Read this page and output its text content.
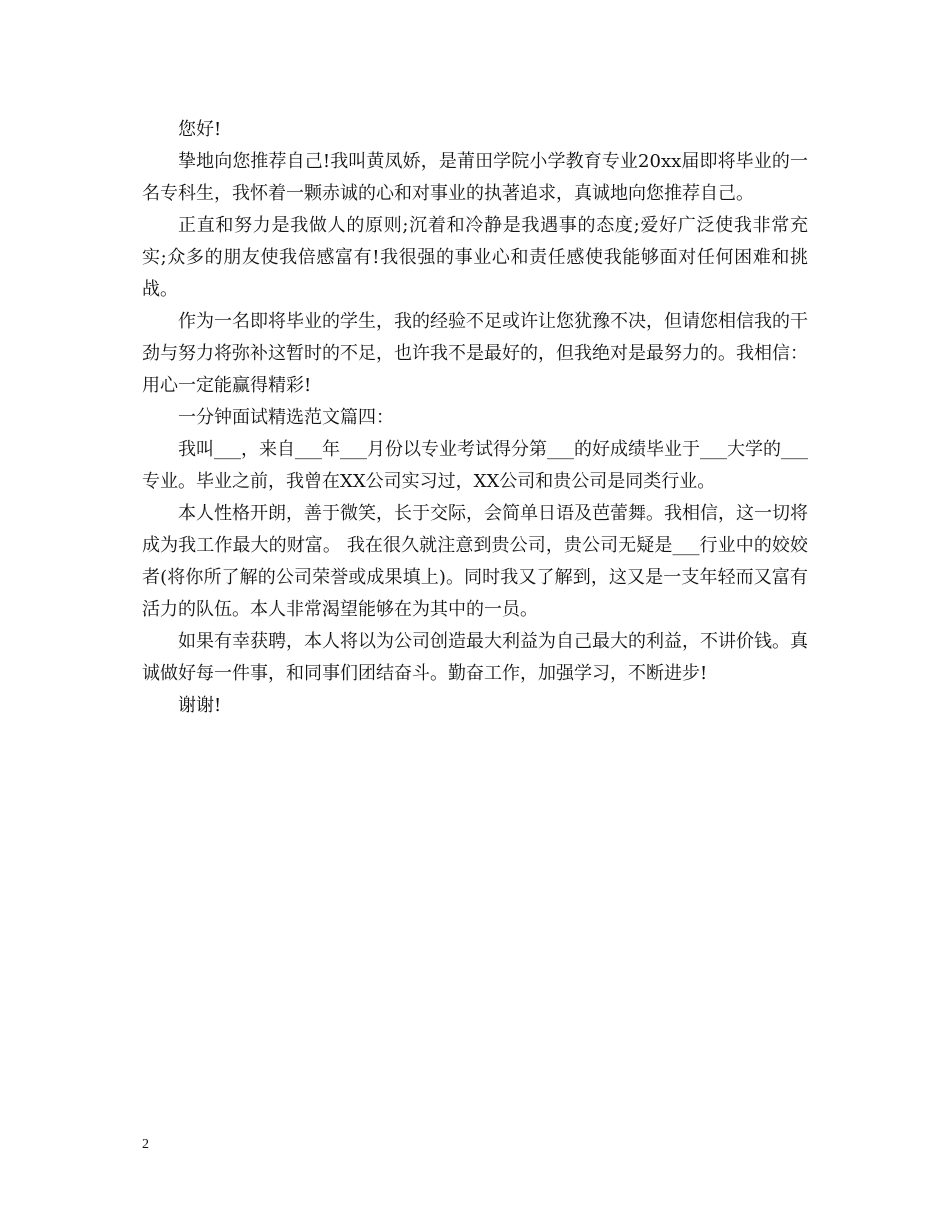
您好!

挚地向您推荐自己!我叫黄凤娇，是莆田学院小学教育专业20xx届即将毕业的一名专科生，我怀着一颗赤诚的心和对事业的执著追求，真诚地向您推荐自己。

正直和努力是我做人的原则;沉着和冷静是我遇事的态度;爱好广泛使我非常充实;众多的朋友使我倍感富有!我很强的事业心和责任感使我能够面对任何困难和挑战。

作为一名即将毕业的学生，我的经验不足或许让您犹豫不决，但请您相信我的干劲与努力将弥补这暂时的不足，也许我不是最好的，但我绝对是最努力的。我相信：用心一定能赢得精彩!

一分钟面试精选范文篇四：

我叫___，来自___年___月份以专业考试得分第___的好成绩毕业于___大学的___专业。毕业之前，我曾在XX公司实习过，XX公司和贵公司是同类行业。

本人性格开朗，善于微笑，长于交际，会简单日语及芭蕾舞。我相信，这一切将成为我工作最大的财富。 我在很久就注意到贵公司，贵公司无疑是___行业中的姣姣者(将你所了解的公司荣誉或成果填上)。同时我又了解到，这又是一支年轻而又富有活力的队伍。本人非常渴望能够在为其中的一员。

如果有幸获聘，本人将以为公司创造最大利益为自己最大的利益，不讲价钱。真诚做好每一件事，和同事们团结奋斗。勤奋工作，加强学习，不断进步!

谢谢!

2
